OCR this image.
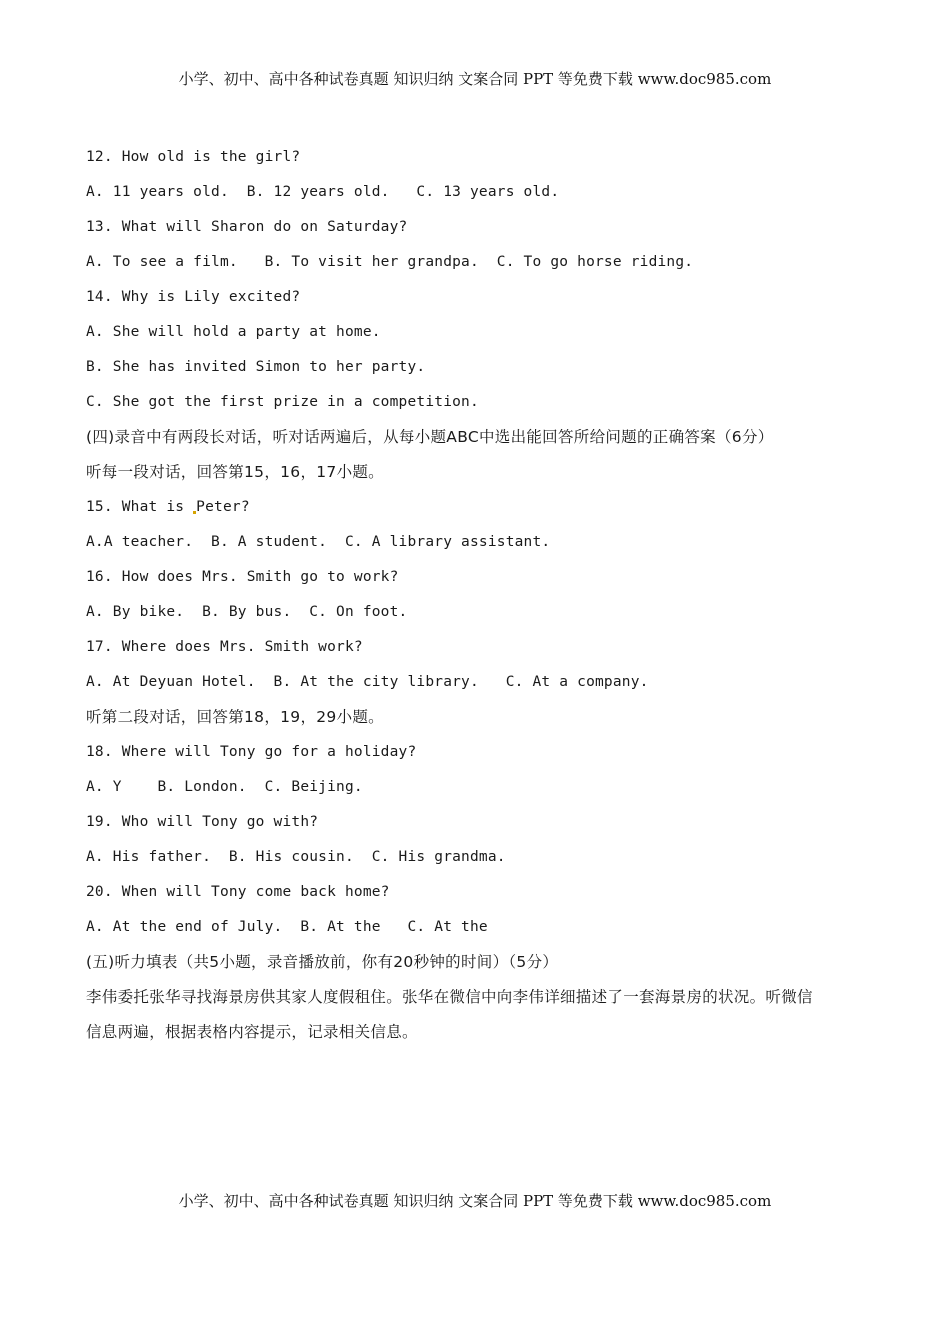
小学、初中、高中各种试卷真题 知识归纳 文案合同 PPT 等免费下载 www.doc985.com
12. How old is the girl?
A. 11 years old.  B. 12 years old.   C. 13 years old.
13. What will Sharon do on Saturday?
A. To see a film.   B. To visit her grandpa.  C. To go horse riding.
14. Why is Lily excited?
A. She will hold a party at home.
B. She has invited Simon to her party.
C. She got the first prize in a competition.
(四)录音中有两段长对话，听对话两遍后，从每小题ABC中选出能回答所给问题的正确答案（6分）
听每一段对话，回答第15，16，17小题。
15. What is Peter?
A.A teacher.  B. A student.  C. A library assistant.
16. How does Mrs. Smith go to work?
A. By bike.  B. By bus.  C. On foot.
17. Where does Mrs. Smith work?
A. At Deyuan Hotel.  B. At the city library.   C. At a company.
听第二段对话，回答第18，19，29小题。
18. Where will Tony go for a holiday?
A. Y    B. London.  C. Beijing.
19. Who will Tony go with?
A. His father.  B. His cousin.  C. His grandma.
20. When will Tony come back home?
A. At the end of July.  B. At the   C. At the
(五)听力填表（共5小题，录音播放前，你有20秒钟的时间）（5分）
李伟委托张华寻找海景房供其家人度假租住。张华在微信中向李伟详细描述了一套海景房的状况。听微信
信息两遍，根据表格内容提示，记录相关信息。
小学、初中、高中各种试卷真题 知识归纳 文案合同 PPT 等免费下载 www.doc985.com
